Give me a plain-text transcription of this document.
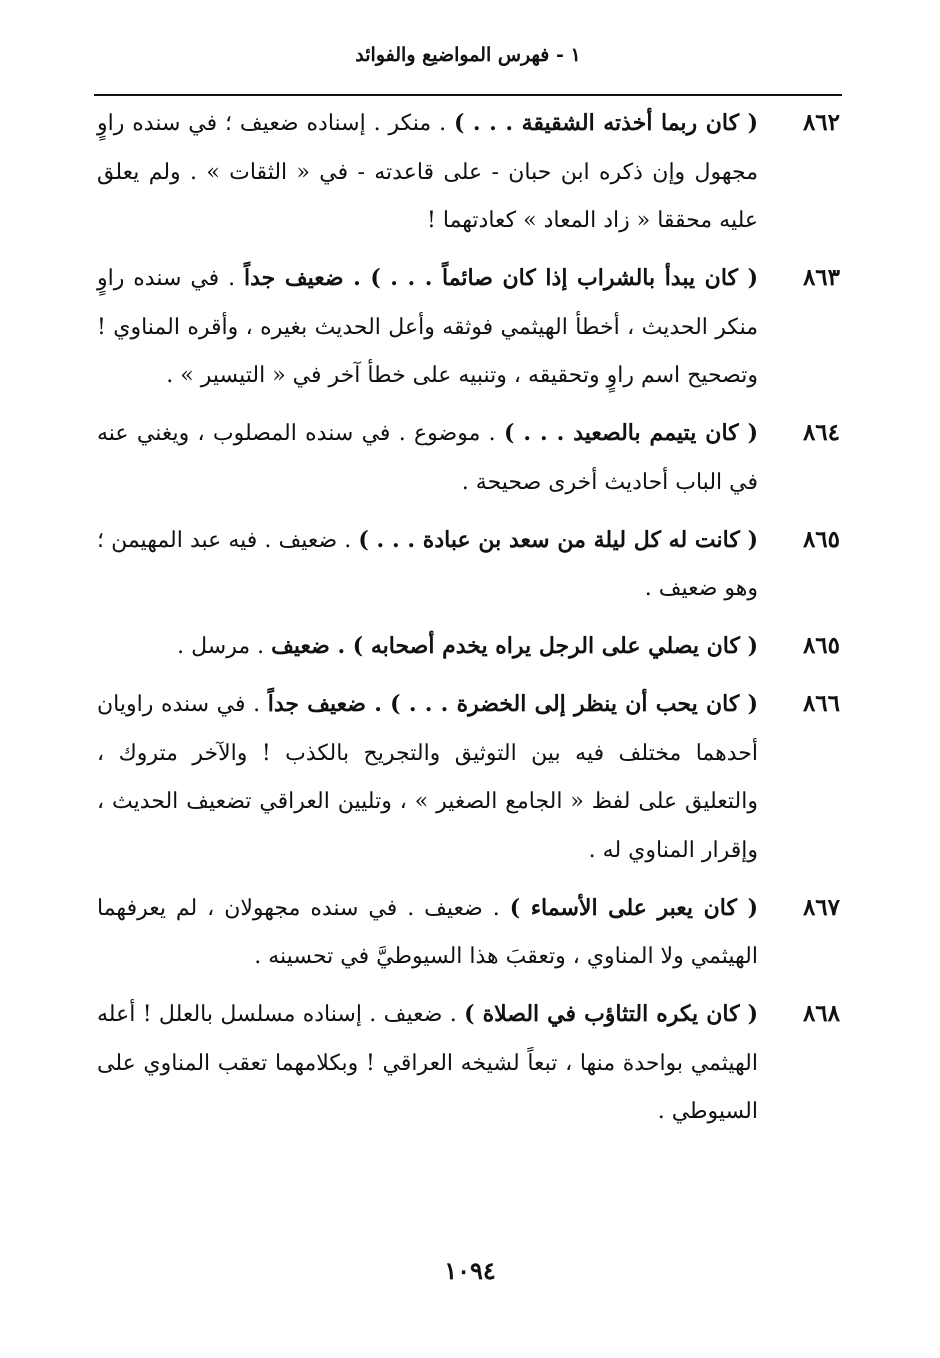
١ - فهرس المواضيع والفوائد
٨٦٢
( كان ربما أخذته الشقيقة . . . ) . منكر . إسناده ضعيف ؛ في سنده راوٍ مجهول وإن ذكره ابن حبان - على قاعدته - في « الثقات » . ولم يعلق عليه محققا « زاد المعاد » كعادتهما !
٨٦٣
( كان يبدأ بالشراب إذا كان صائماً . . . ) . ضعيف جداً . في سنده راوٍ منكر الحديث ، أخطأ الهيثمي فوثقه وأعل الحديث بغيره ، وأقره المناوي ! وتصحيح اسم راوٍ وتحقيقه ، وتنبيه على خطأ آخر في « التيسير » .
٨٦٤
( كان يتيمم بالصعيد . . . ) . موضوع . في سنده المصلوب ، ويغني عنه في الباب أحاديث أخرى صحيحة .
٨٦٥
( كانت له كل ليلة من سعد بن عبادة . . . ) . ضعيف . فيه عبد المهيمن ؛ وهو ضعيف .
٨٦٥
( كان يصلي على الرجل يراه يخدم أصحابه ) . ضعيف . مرسل .
٨٦٦
( كان يحب أن ينظر إلى الخضرة . . . ) . ضعيف جداً . في سنده راويان أحدهما مختلف فيه بين التوثيق والتجريح بالكذب ! والآخر متروك ، والتعليق على لفظ « الجامع الصغير » ، وتليين العراقي تضعيف الحديث ، وإقرار المناوي له .
٨٦٧
( كان يعبر على الأسماء ) . ضعيف . في سنده مجهولان ، لم يعرفهما الهيثمي ولا المناوي ، وتعقبَ هذا السيوطيَّ في تحسينه .
٨٦٨
( كان يكره التثاؤب في الصلاة ) . ضعيف . إسناده مسلسل بالعلل ! أعله الهيثمي بواحدة منها ، تبعاً لشيخه العراقي ! وبكلامهما تعقب المناوي على السيوطي .
١٠٩٤
